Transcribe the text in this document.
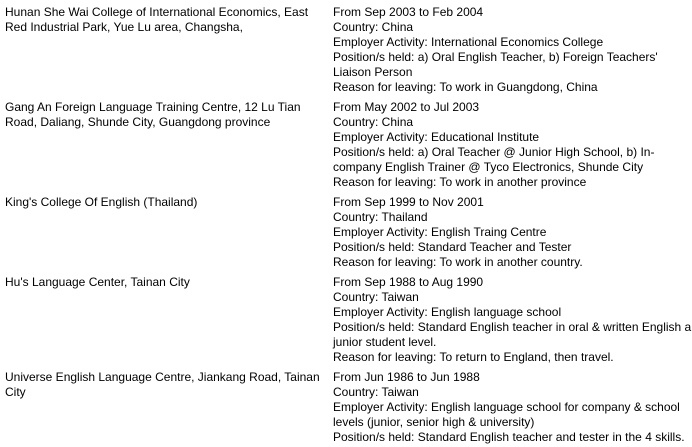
Hunan She Wai College of International Economics, East Red Industrial Park, Yue Lu area, Changsha,
From Sep 2003 to Feb 2004
Country: China
Employer Activity: International Economics College
Position/s held: a) Oral English Teacher, b) Foreign Teachers' Liaison Person
Reason for leaving: To work in Guangdong, China
Gang An Foreign Language Training Centre, 12 Lu Tian Road, Daliang, Shunde City, Guangdong province
From May 2002 to Jul 2003
Country: China
Employer Activity: Educational Institute
Position/s held: a) Oral Teacher @ Junior High School, b) In-company English Trainer @ Tyco Electronics, Shunde City
Reason for leaving: To work in another province
King's College Of English (Thailand)	From Sep 1999 to Nov 2001
Country: Thailand
Employer Activity: English Traing Centre
Position/s held: Standard Teacher and Tester
Reason for leaving: To work in another country.
Hu's Language Center, Tainan City	From Sep 1988 to Aug 1990
Country: Taiwan
Employer Activity: English language school
Position/s held: Standard English teacher in oral & written English a junior student level.
Reason for leaving: To return to England, then travel.
Universe English Language Centre, Jiankang Road, Tainan City
From Jun 1986 to Jun 1988
Country: Taiwan
Employer Activity: English language school for company & school levels (junior, senior high & university)
Position/s held: Standard English teacher and tester in the 4 skills.
